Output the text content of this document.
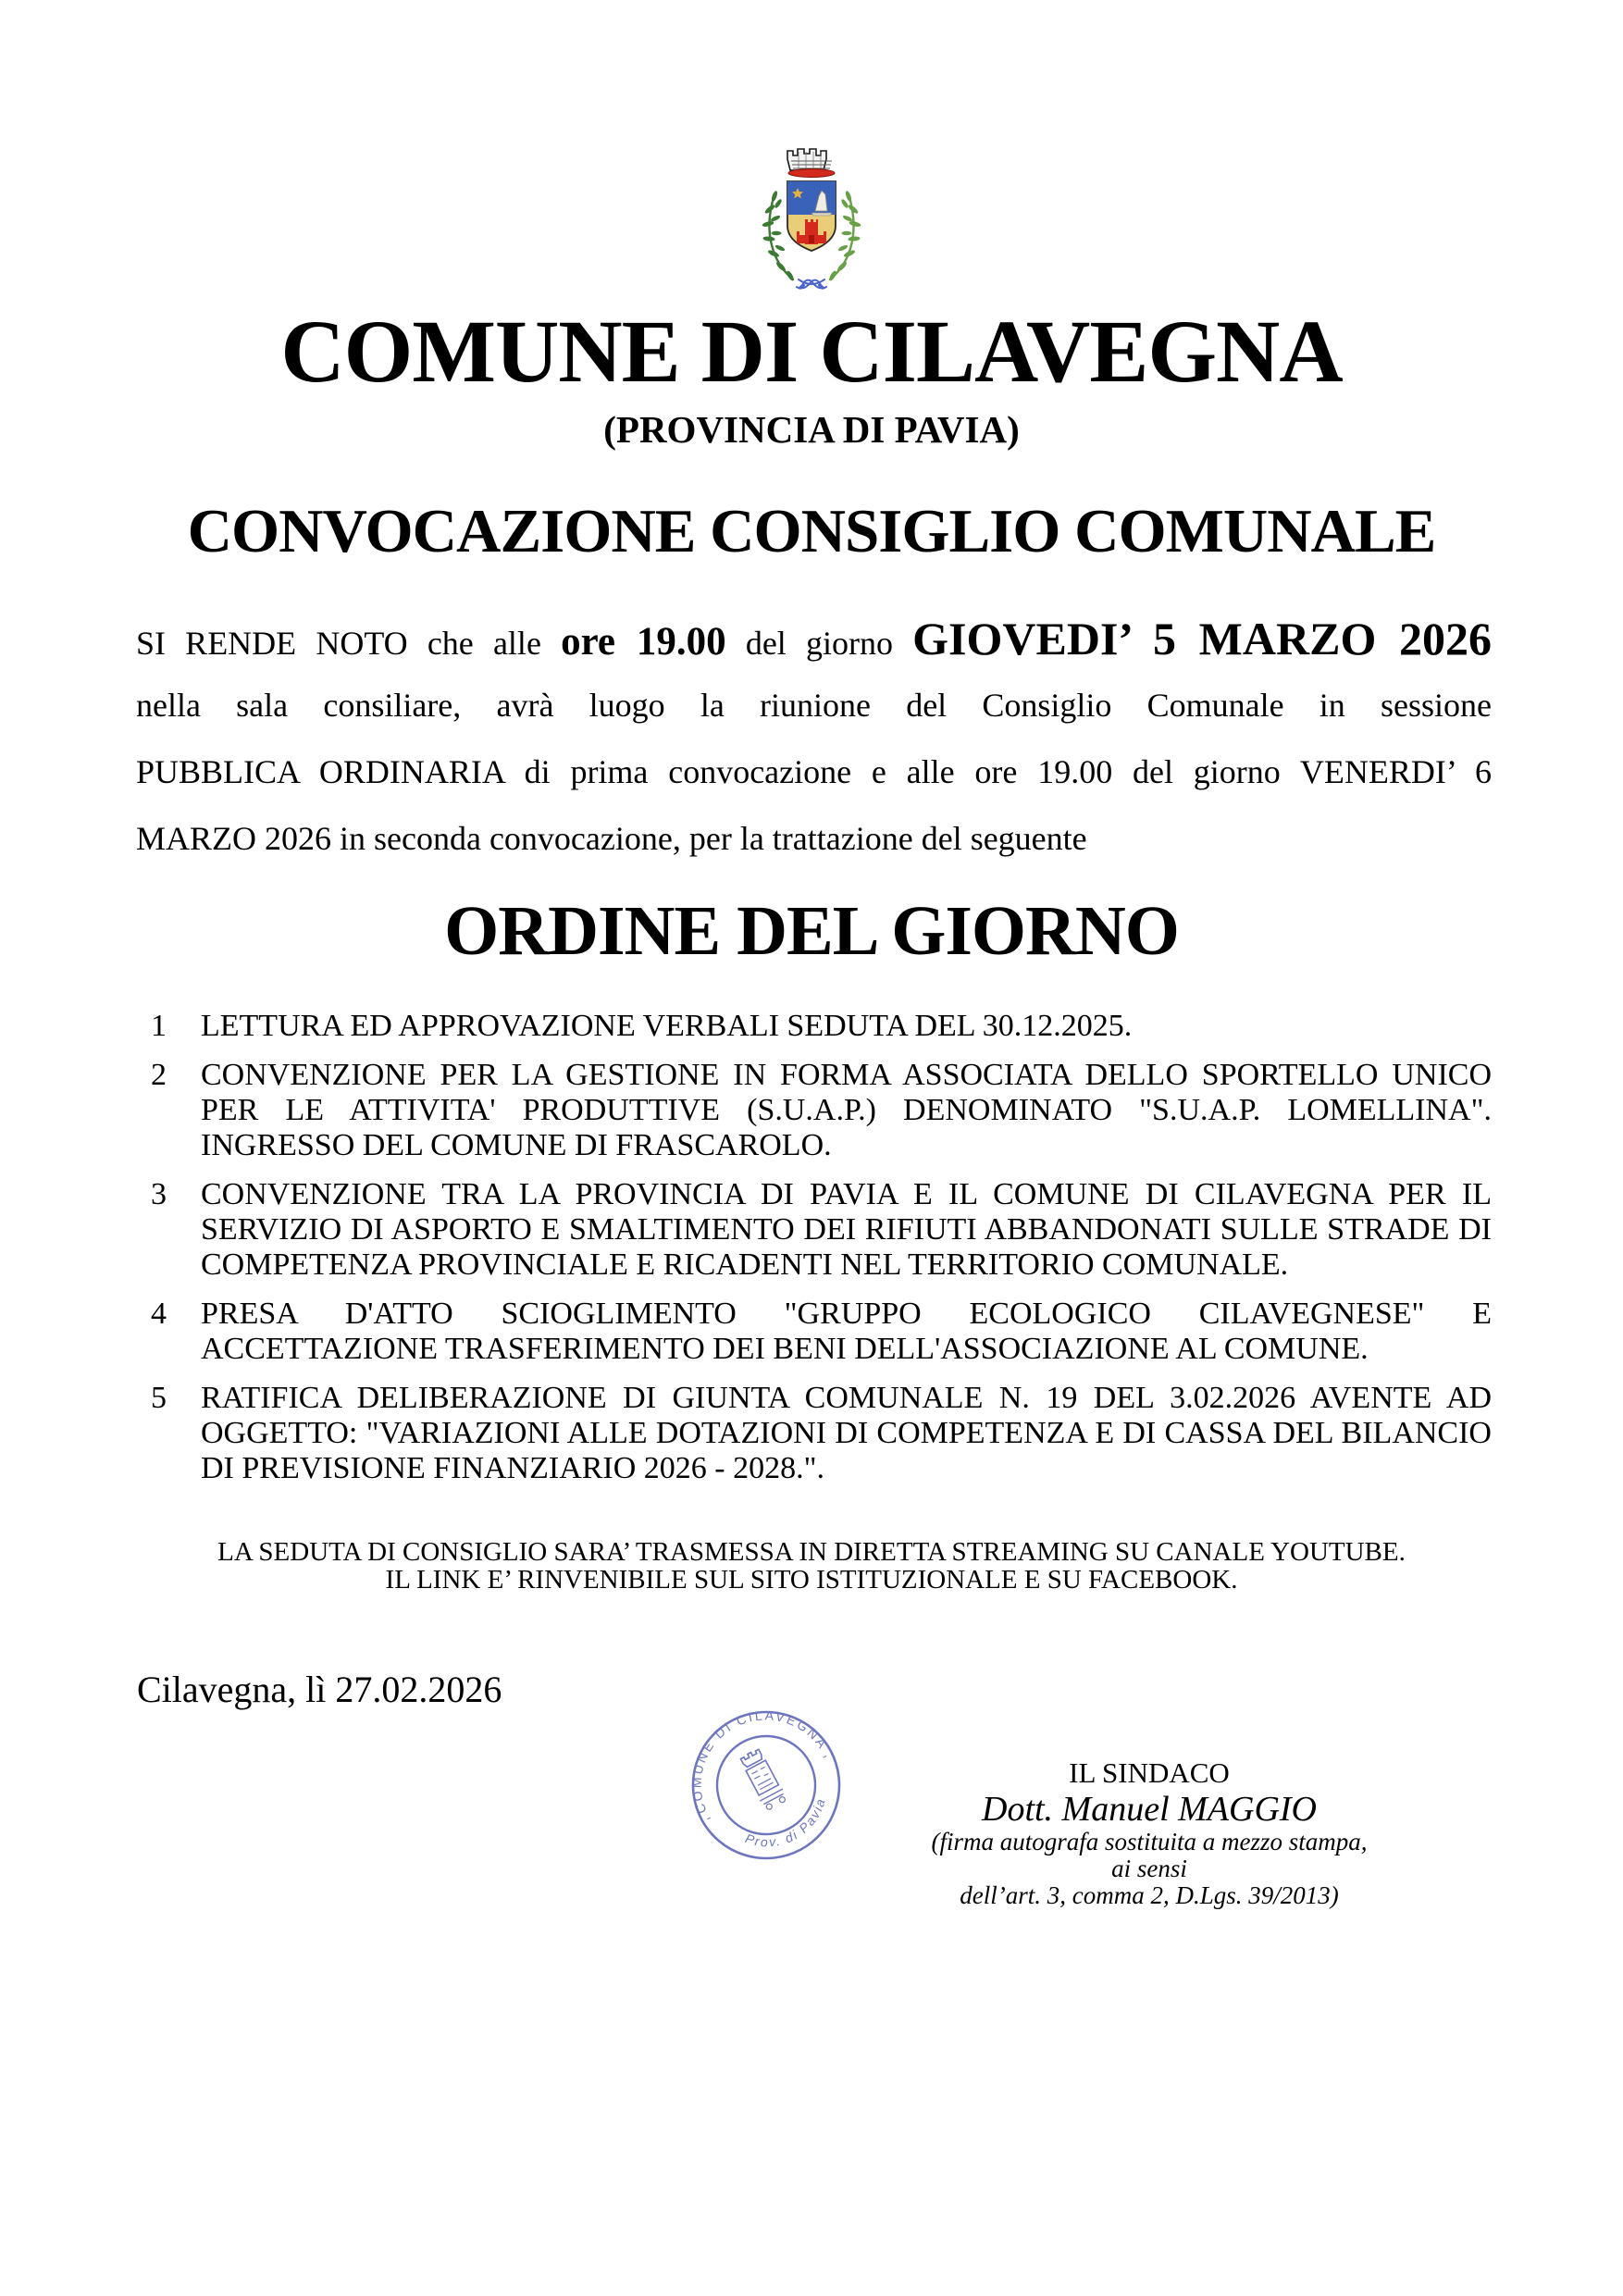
COMUNE DI CILAVEGNA
(PROVINCIA DI PAVIA)
CONVOCAZIONE CONSIGLIO COMUNALE
SI RENDE NOTO che alle ore 19.00 del giorno GIOVEDI’ 5 MARZO 2026
nella sala consiliare, avrà luogo la riunione del Consiglio Comunale in sessione
PUBBLICA ORDINARIA di prima convocazione e alle ore 19.00 del giorno VENERDI’ 6
MARZO 2026 in seconda convocazione, per la trattazione del seguente
ORDINE DEL GIORNO
1	LETTURA ED APPROVAZIONE VERBALI SEDUTA DEL 30.12.2025.
2	CONVENZIONE PER LA GESTIONE IN FORMA ASSOCIATA DELLO SPORTELLO UNICO PER LE ATTIVITA' PRODUTTIVE (S.U.A.P.) DENOMINATO "S.U.A.P. LOMELLINA". INGRESSO DEL COMUNE DI FRASCAROLO.
3	CONVENZIONE TRA LA PROVINCIA DI PAVIA E IL COMUNE DI CILAVEGNA PER IL SERVIZIO DI ASPORTO E SMALTIMENTO DEI RIFIUTI ABBANDONATI SULLE STRADE DI COMPETENZA PROVINCIALE E RICADENTI NEL TERRITORIO COMUNALE.
4	PRESA D'ATTO SCIOGLIMENTO "GRUPPO ECOLOGICO CILAVEGNESE" E ACCETTAZIONE TRASFERIMENTO DEI BENI DELL'ASSOCIAZIONE AL COMUNE.
5	RATIFICA DELIBERAZIONE DI GIUNTA COMUNALE N. 19 DEL 3.02.2026 AVENTE AD OGGETTO: "VARIAZIONI ALLE DOTAZIONI DI COMPETENZA E DI CASSA DEL BILANCIO DI PREVISIONE FINANZIARIO 2026 - 2028.".
LA SEDUTA DI CONSIGLIO SARA’ TRASMESSA IN DIRETTA STREAMING SU CANALE YOUTUBE.
IL LINK E’ RINVENIBILE SUL SITO ISTITUZIONALE E SU FACEBOOK.
Cilavegna, lì 27.02.2026
COMUNE DI CILAVEGNA
Prov. di Pavia
-
-	IL SINDACO
Dott. Manuel MAGGIO
(firma autografa sostituita a mezzo stampa, ai sensi
dell’art. 3, comma 2, D.Lgs. 39/2013)
